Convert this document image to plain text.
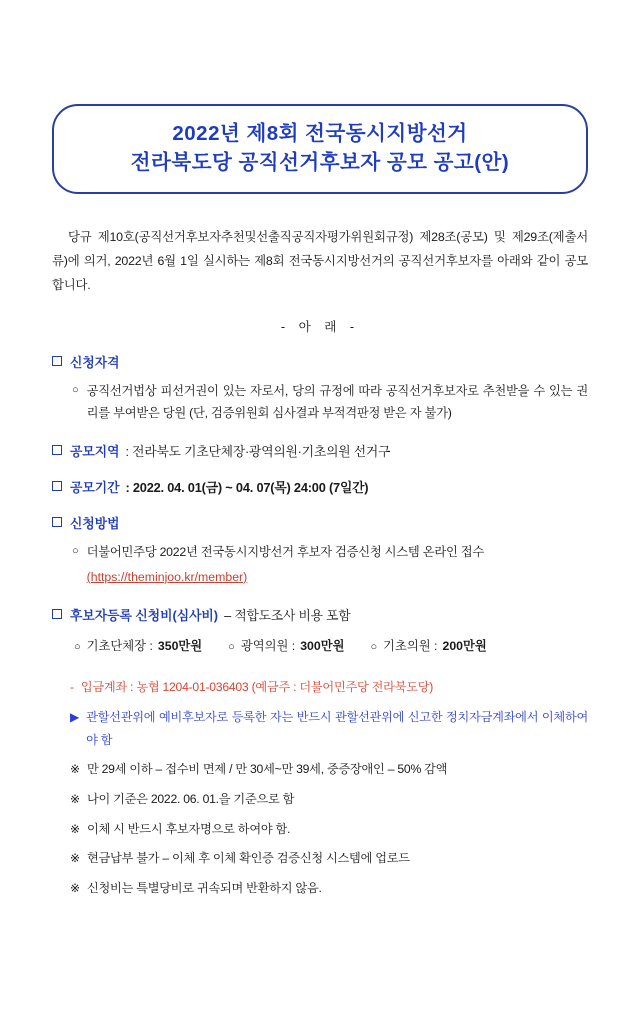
2022년 제8회 전국동시지방선거
전라북도당 공직선거후보자 공모 공고(안)

당규 제10호(공직선거후보자추천및선출직공직자평가위원회규정) 제28조(공모) 및 제29조(제출서류)에 의거, 2022년 6월 1일 실시하는 제8회 전국동시지방선거의 공직선거후보자를 아래와 같이 공모합니다.

- 아 래 -
신청자격
○ 공직선거법상 피선거권이 있는 자로서, 당의 규정에 따라 공직선거후보자로 추천받을 수 있는 권리를 부여받은 당원 (단, 검증위원회 심사결과 부적격판정 받은 자 불가)
공모지역 : 전라북도 기초단체장·광역의원·기초의원 선거구
공모기간 : 2022. 04. 01(금) ~ 04. 07(목) 24:00 (7일간)
신청방법
○ 더불어민주당 2022년 전국동시지방선거 후보자 검증신청 시스템 온라인 접수
(https://theminjoo.kr/member)
후보자등록 신청비(심사비) – 적합도조사 비용 포함
○ 기초단체장 : 350만원 ○ 광역의원 : 300만원 ○ 기초의원 : 200만원
- 입금계좌 : 농협 1204-01-036403 (예금주 : 더불어민주당 전라북도당)
▶ 관할선관위에 예비후보자로 등록한 자는 반드시 관할선관위에 신고한 정치자금계좌에서 이체하여야 함
※ 만 29세 이하 – 접수비 면제 / 만 30세~만 39세, 중증장애인 – 50% 감액
※ 나이 기준은 2022. 06. 01.을 기준으로 함
※ 이체 시 반드시 후보자명으로 하여야 함.
※ 현금납부 불가 – 이체 후 이체 확인증 검증신청 시스템에 업로드
※ 신청비는 특별당비로 귀속되며 반환하지 않음.
